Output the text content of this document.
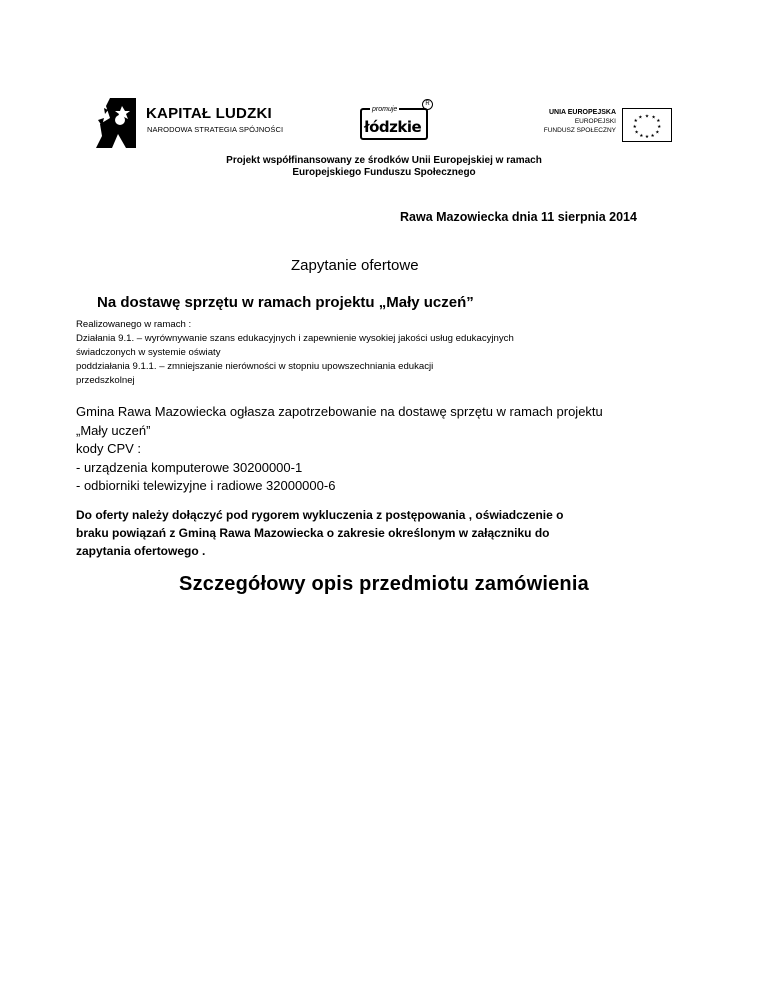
KAPITAŁ LUDZKI
NARODOWA STRATEGIA SPÓJNOŚCI
promuje
łódzkie
R
UNIA EUROPEJSKA
EUROPEJSKI
FUNDUSZ SPOŁECZNY
★ ★
★
★
★
★
★
★
★
★
★
★
Projekt współfinansowany ze środków Unii Europejskiej w ramach
Europejskiego Funduszu Społecznego
Rawa Mazowiecka dnia 11 sierpnia 2014
Zapytanie ofertowe
Na dostawę sprzętu w ramach projektu „Mały uczeń”
Realizowanego w ramach :
Działania 9.1. – wyrównywanie szans edukacyjnych i zapewnienie wysokiej jakości usług edukacyjnych
świadczonych w systemie oświaty
poddziałania 9.1.1. – zmniejszanie nierówności w stopniu upowszechniania edukacji
przedszkolnej
Gmina Rawa Mazowiecka ogłasza zapotrzebowanie na dostawę sprzętu w ramach projektu
„Mały uczeń”
kody CPV :
- urządzenia komputerowe 30200000-1
- odbiorniki telewizyjne i radiowe 32000000-6
Do oferty należy dołączyć pod rygorem wykluczenia z postępowania , oświadczenie o
braku powiązań z Gminą Rawa Mazowiecka o zakresie określonym w załączniku do
zapytania ofertowego .
Szczegółowy opis przedmiotu zamówienia
